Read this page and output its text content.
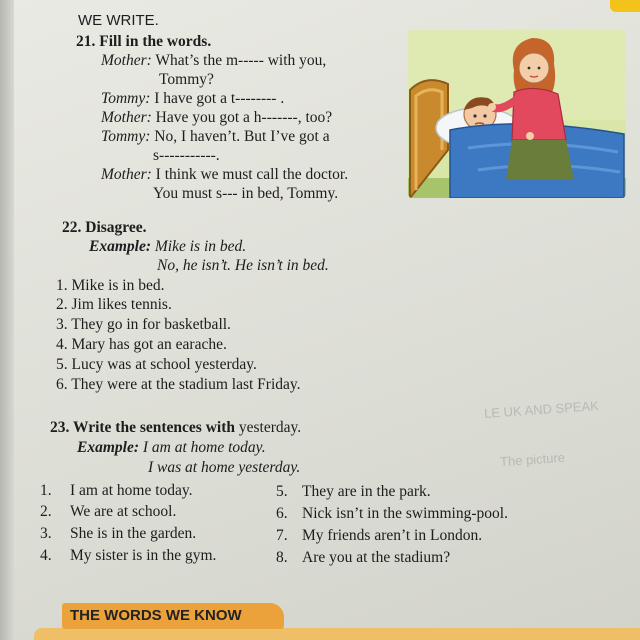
LE UK AND SPEAK
The picture
WE WRITE.
21. Fill in the words.
Mother: What’s the m----- with you,
Tommy?
Tommy: I have got a t-------- .
Mother: Have you got a h-------, too?
Tommy: No, I haven’t. But I’ve got a
s-----------.
Mother: I think we must call the doctor.
You must s--- in bed, Tommy.
22. Disagree.
Example: Mike is in bed.
No, he isn’t. He isn’t in bed.
1. Mike is in bed.
2. Jim likes tennis.
3. They go in for basketball.
4. Mary has got an earache.
5. Lucy was at school yesterday.
6. They were at the stadium last Friday.
23. Write the sentences with yesterday.
Example: I am at home today.
I was at home yesterday.
1. I am at home today.
2. We are at school.
3. She is in the garden.
4. My sister is in the gym.
5. They are in the park.
6. Nick isn’t in the swimming-pool.
7. My friends aren’t in London.
8. Are you at the stadium?
THE WORDS WE KNOW
